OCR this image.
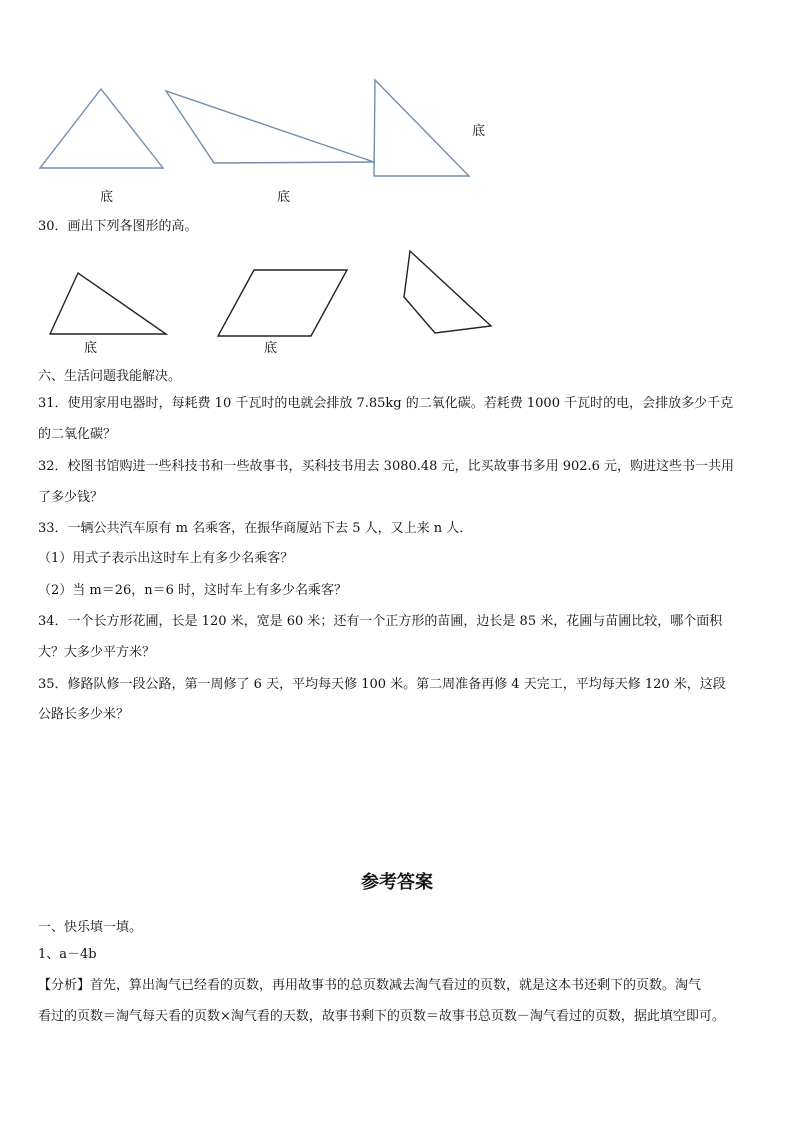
底	底
底
底	底
30．画出下列各图形的高。
六、生活问题我能解决。
31．使用家用电器时，每耗费 10 千瓦时的电就会排放 7.85kg 的二氧化碳。若耗费 1000 千瓦时的电，会排放多少千克
的二氧化碳？
32．校图书馆购进一些科技书和一些故事书，买科技书用去 3080.48 元，比买故事书多用 902.6 元，购进这些书一共用
了多少钱？
33．一辆公共汽车原有 m 名乘客，在振华商厦站下去 5 人，又上来 n 人．
（1）用式子表示出这时车上有多少名乘客？
（2）当 m＝26，n＝6 时，这时车上有多少名乘客？
34．一个长方形花圃，长是 120 米，宽是 60 米；还有一个正方形的苗圃，边长是 85 米，花圃与苗圃比较，哪个面积
大？大多少平方米？
35．修路队修一段公路，第一周修了 6 天，平均每天修 100 米。第二周准备再修 4 天完工，平均每天修 120 米，这段
公路长多少米？
参考答案
一、快乐填一填。
1、a－4b
【分析】首先，算出淘气已经看的页数，再用故事书的总页数减去淘气看过的页数，就是这本书还剩下的页数。淘气
看过的页数＝淘气每天看的页数×淘气看的天数，故事书剩下的页数＝故事书总页数－淘气看过的页数，据此填空即可。
